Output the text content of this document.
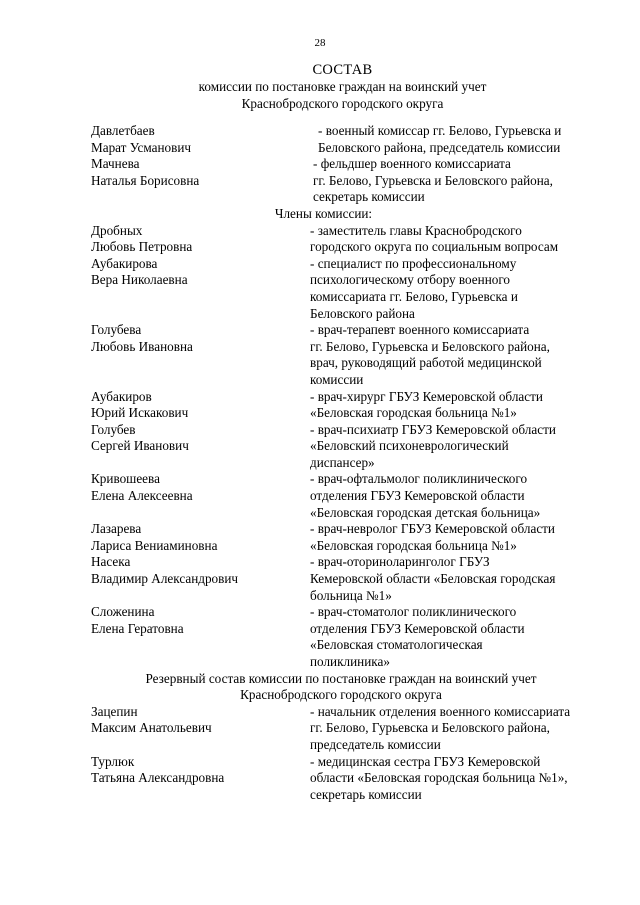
28
СОСТАВ
комиссии по постановке граждан на воинский учет
Краснобродского городского округа
Давлетбаев
Марат Усманович
- военный комиссар гг. Белово, Гурьевска и
Беловского района, председатель комиссии
Мачнева
Наталья Борисовна
- фельдшер военного комиссариата
гг. Белово, Гурьевска и Беловского района,
секретарь комиссии
Члены комиссии:
Дробных
Любовь Петровна
- заместитель главы Краснобродского
городского округа по социальным вопросам
Аубакирова
Вера Николаевна
- специалист по профессиональному
психологическому отбору военного
комиссариата гг. Белово, Гурьевска и
Беловского района
Голубева
Любовь Ивановна
- врач-терапевт военного комиссариата
гг. Белово, Гурьевска и Беловского района,
врач, руководящий работой медицинской
комиссии
Аубакиров
Юрий Искакович
- врач-хирург ГБУЗ Кемеровской области
«Беловская городская больница №1»
Голубев
Сергей Иванович
- врач-психиатр ГБУЗ Кемеровской области
«Беловский психоневрологический
диспансер»
Кривошеева
Елена Алексеевна
- врач-офтальмолог поликлинического
отделения ГБУЗ Кемеровской области
«Беловская городская детская больница»
Лазарева
Лариса Вениаминовна
- врач-невролог ГБУЗ Кемеровской области
«Беловская городская больница №1»
Насека
Владимир Александрович
- врач-оториноларинголог ГБУЗ
Кемеровской области «Беловская городская
больница №1»
Сложенина
Елена Гератовна
- врач-стоматолог поликлинического
отделения ГБУЗ Кемеровской области
«Беловская стоматологическая
поликлиника»
Резервный состав комиссии по постановке граждан на воинский учет
Краснобродского городского округа
Зацепин
Максим Анатольевич
- начальник отделения военного комиссариата
гг. Белово, Гурьевска и Беловского района,
председатель комиссии
Турлюк
Татьяна Александровна
- медицинская сестра ГБУЗ Кемеровской
области «Беловская городская больница №1»,
секретарь комиссии
